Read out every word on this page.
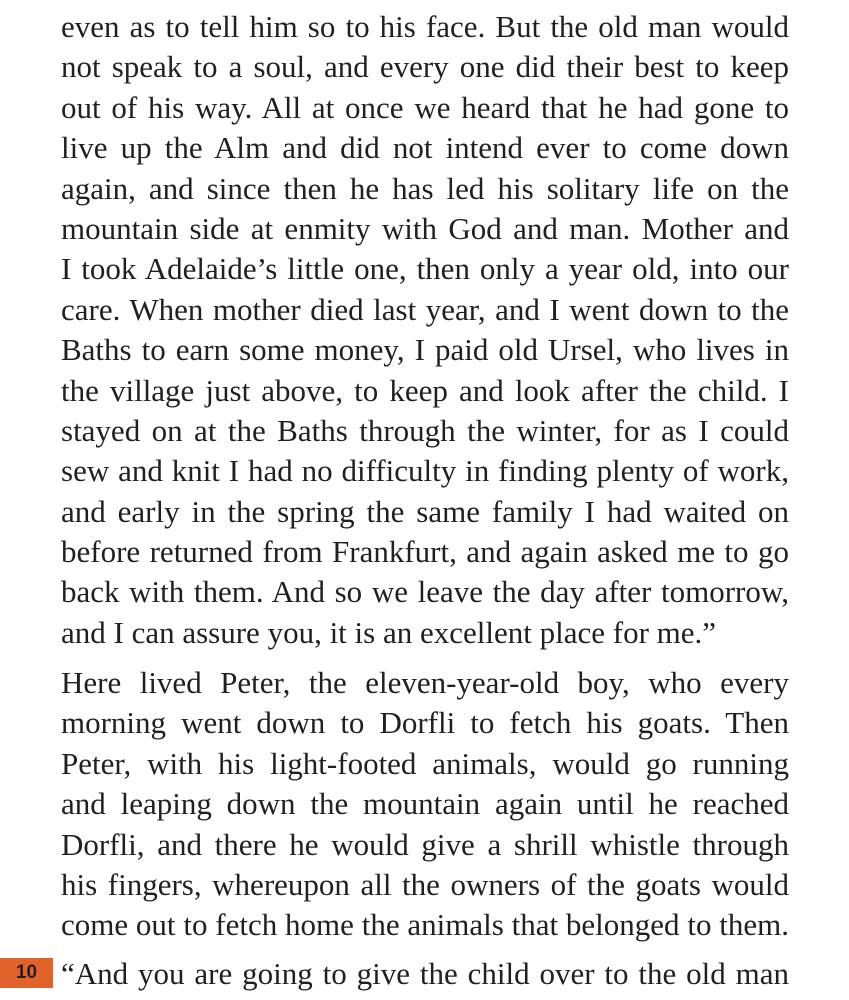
even as to tell him so to his face. But the old man would
not speak to a soul, and every one did their best to keep
out of his way. All at once we heard that he had gone to
live up the Alm and did not intend ever to come down
again, and since then he has led his solitary life on the
mountain side at enmity with God and man. Mother and
I took Adelaide’s little one, then only a year old, into our
care. When mother died last year, and I went down to the
Baths to earn some money, I paid old Ursel, who lives in
the village just above, to keep and look after the child. I
stayed on at the Baths through the winter, for as I could
sew and knit I had no difficulty in finding plenty of work,
and early in the spring the same family I had waited on
before returned from Frankfurt, and again asked me to go
back with them. And so we leave the day after tomorrow,
and I can assure you, it is an excellent place for me.”
Here lived Peter, the eleven-year-old boy, who every
morning went down to Dorfli to fetch his goats. Then
Peter, with his light-footed animals, would go running
and leaping down the mountain again until he reached
Dorfli, and there he would give a shrill whistle through
his fingers, whereupon all the owners of the goats would
come out to fetch home the animals that belonged to them.
“And you are going to give the child over to the old man
10
